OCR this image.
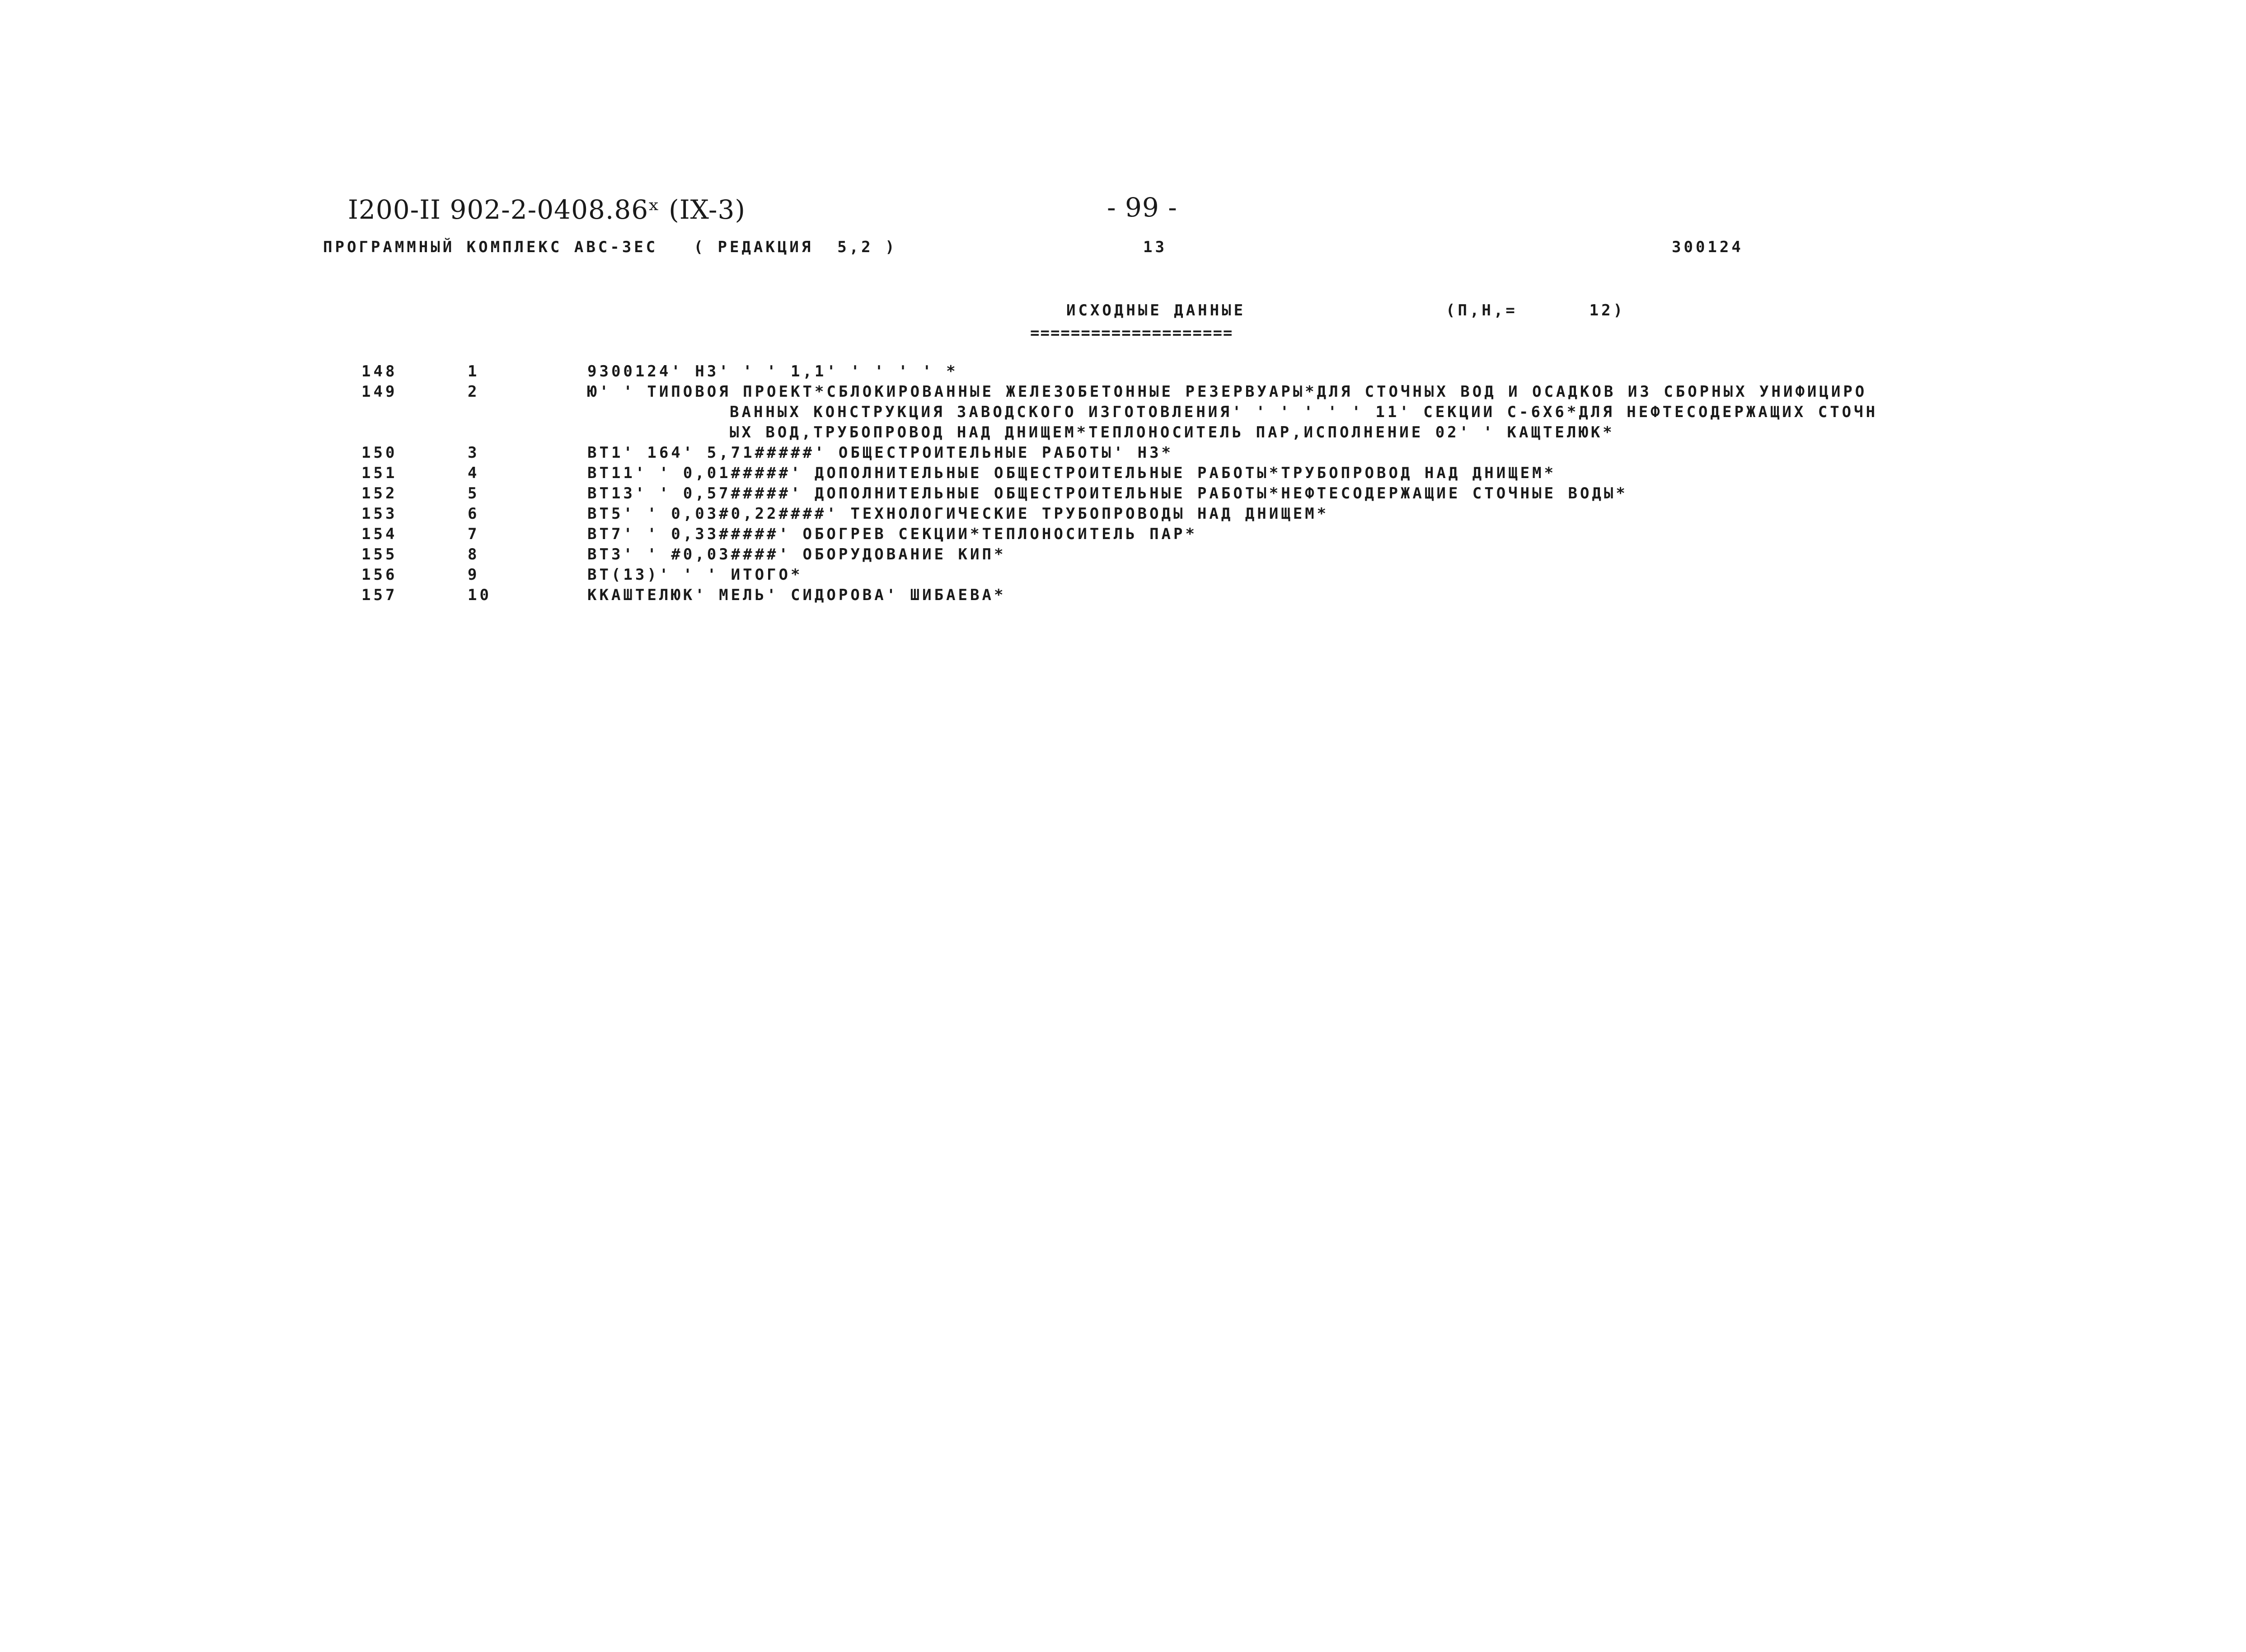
I200-II 902-2-0408.86ˣ (IX-3)	- 99 -
ПРОГРАММНЫЙ КОМПЛЕКС АВС-3ЕС   ( РЕДАКЦИЯ  5,2 )	13	300124
ИСХОДНЫЕ ДАННЫЕ	(П,Н,=      12)
====================
148	1	9300124' НЗ' ' ' 1,1' ' ' ' ' *
149	2	Ю' ' ТИПОВОЯ ПРОЕКТ*СБЛОКИРОВАННЫЕ ЖЕЛЕЗОБЕТОННЫЕ РЕЗЕРВУАРЫ*ДЛЯ СТОЧНЫХ ВОД И ОСАДКОВ ИЗ СБОРНЫХ УНИФИЦИРО
ВАННЫХ КОНСТРУКЦИЯ ЗАВОДСКОГО ИЗГОТОВЛЕНИЯ' ' ' ' ' ' 11' СЕКЦИИ С-6Х6*ДЛЯ НЕФТЕСОДЕРЖАЩИХ СТОЧН
ЫХ ВОД,ТРУБОПРОВОД НАД ДНИЩЕМ*ТЕПЛОНОСИТЕЛЬ ПАР,ИСПОЛНЕНИЕ 02' ' КАЩТЕЛЮК*
150	3	ВТ1' 164' 5,71#####' ОБЩЕСТРОИТЕЛЬНЫЕ РАБОТЫ' НЗ*
151	4	ВТ11' ' 0,01#####' ДОПОЛНИТЕЛЬНЫЕ ОБЩЕСТРОИТЕЛЬНЫЕ РАБОТЫ*ТРУБОПРОВОД НАД ДНИЩЕМ*
152	5	ВТ13' ' 0,57#####' ДОПОЛНИТЕЛЬНЫЕ ОБЩЕСТРОИТЕЛЬНЫЕ РАБОТЫ*НЕФТЕСОДЕРЖАЩИЕ СТОЧНЫЕ ВОДЫ*
153	6	ВТ5' ' 0,03#0,22####' ТЕХНОЛОГИЧЕСКИЕ ТРУБОПРОВОДЫ НАД ДНИЩЕМ*
154	7	ВТ7' ' 0,33#####' ОБОГРЕВ СЕКЦИИ*ТЕПЛОНОСИТЕЛЬ ПАР*
155	8	ВТ3' ' #0,03####' ОБОРУДОВАНИЕ КИП*
156	9	ВТ(13)' ' ' ИТОГО*
157	10	ККАШТЕЛЮК' МЕЛЬ' СИДОРОВА' ШИБАЕВА*
